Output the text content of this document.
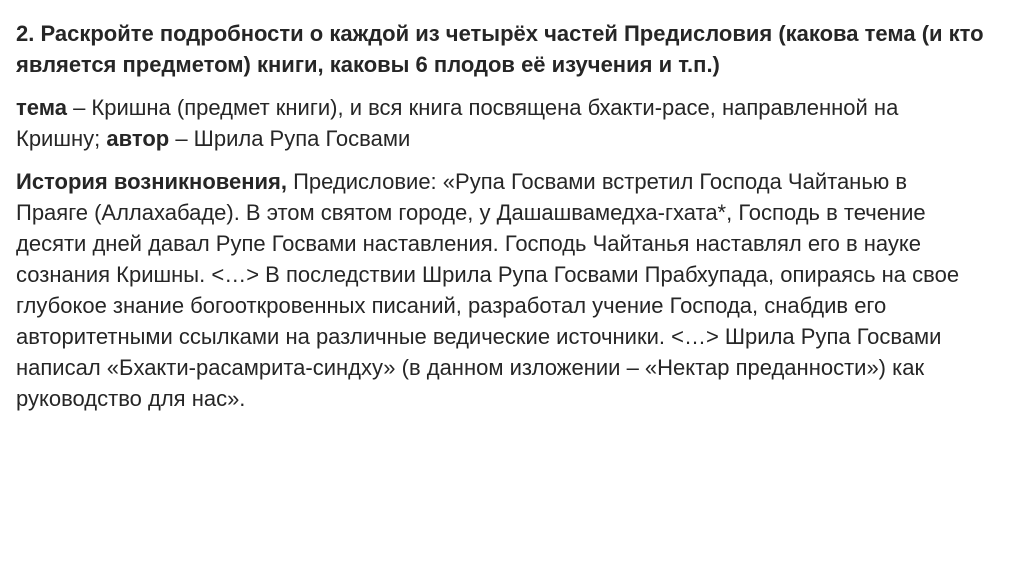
2. Раскройте подробности о каждой из четырёх частей Предисловия (какова тема (и кто является предметом) книги, каковы 6 плодов её изучения и т.п.)
тема – Кришна (предмет книги), и вся книга посвящена бхакти-расе, направленной на Кришну; автор – Шрила Рупа Госвами
История возникновения, Предисловие: «Рупа Госвами встретил Господа Чайтанью в Праяге (Аллахабаде). В этом святом городе, у Дашашвамедха-гхата*, Господь в течение десяти дней давал Рупе Госвами наставления. Господь Чайтанья наставлял его в науке сознания Кришны. <…> В последствии Шрила Рупа Госвами Прабхупада, опираясь на свое глубокое знание богооткровенных писаний, разработал учение Господа, снабдив его авторитетными ссылками на различные ведические источники. <…> Шрила Рупа Госвами написал «Бхакти-расамрита-синдху» (в данном изложении – «Нектар преданности») как руководство для нас».
